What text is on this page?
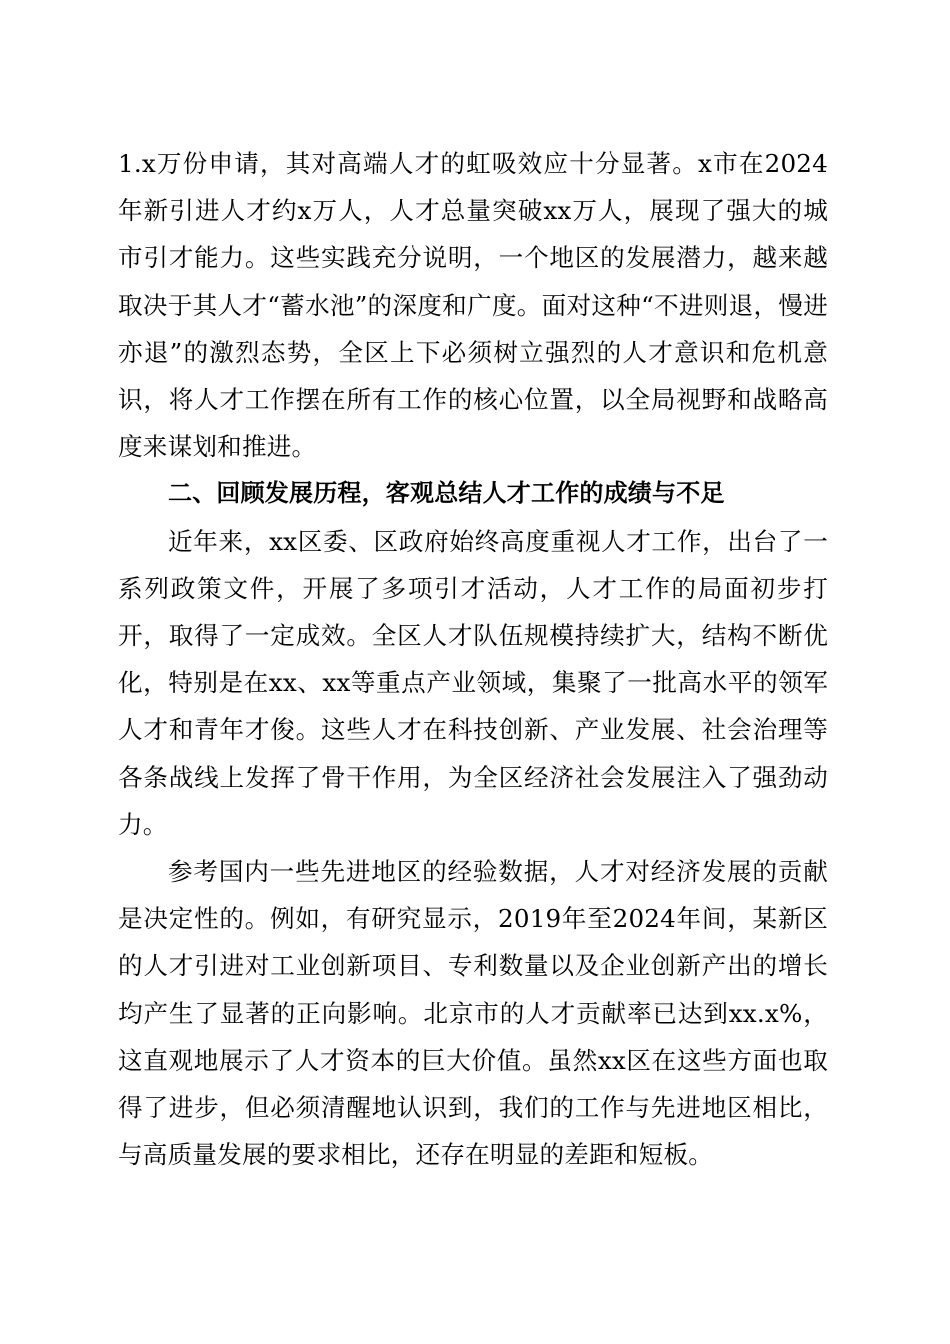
1.x万份申请，其对高端人才的虹吸效应十分显著。x市在2024年新引进人才约x万人，人才总量突破xx万人，展现了强大的城市引才能力。这些实践充分说明，一个地区的发展潜力，越来越取决于其人才“蓄水池”的深度和广度。面对这种“不进则退，慢进亦退”的激烈态势，全区上下必须树立强烈的人才意识和危机意识，将人才工作摆在所有工作的核心位置，以全局视野和战略高度来谋划和推进。

二、回顾发展历程，客观总结人才工作的成绩与不足

近年来，xx区委、区政府始终高度重视人才工作，出台了一系列政策文件，开展了多项引才活动，人才工作的局面初步打开，取得了一定成效。全区人才队伍规模持续扩大，结构不断优化，特别是在xx、xx等重点产业领域，集聚了一批高水平的领军人才和青年才俊。这些人才在科技创新、产业发展、社会治理等各条战线上发挥了骨干作用，为全区经济社会发展注入了强劲动力。

参考国内一些先进地区的经验数据，人才对经济发展的贡献是决定性的。例如，有研究显示，2019年至2024年间，某新区的人才引进对工业创新项目、专利数量以及企业创新产出的增长均产生了显著的正向影响。北京市的人才贡献率已达到xx.x%，这直观地展示了人才资本的巨大价值。虽然xx区在这些方面也取得了进步，但必须清醒地认识到，我们的工作与先进地区相比，与高质量发展的要求相比，还存在明显的差距和短板。
